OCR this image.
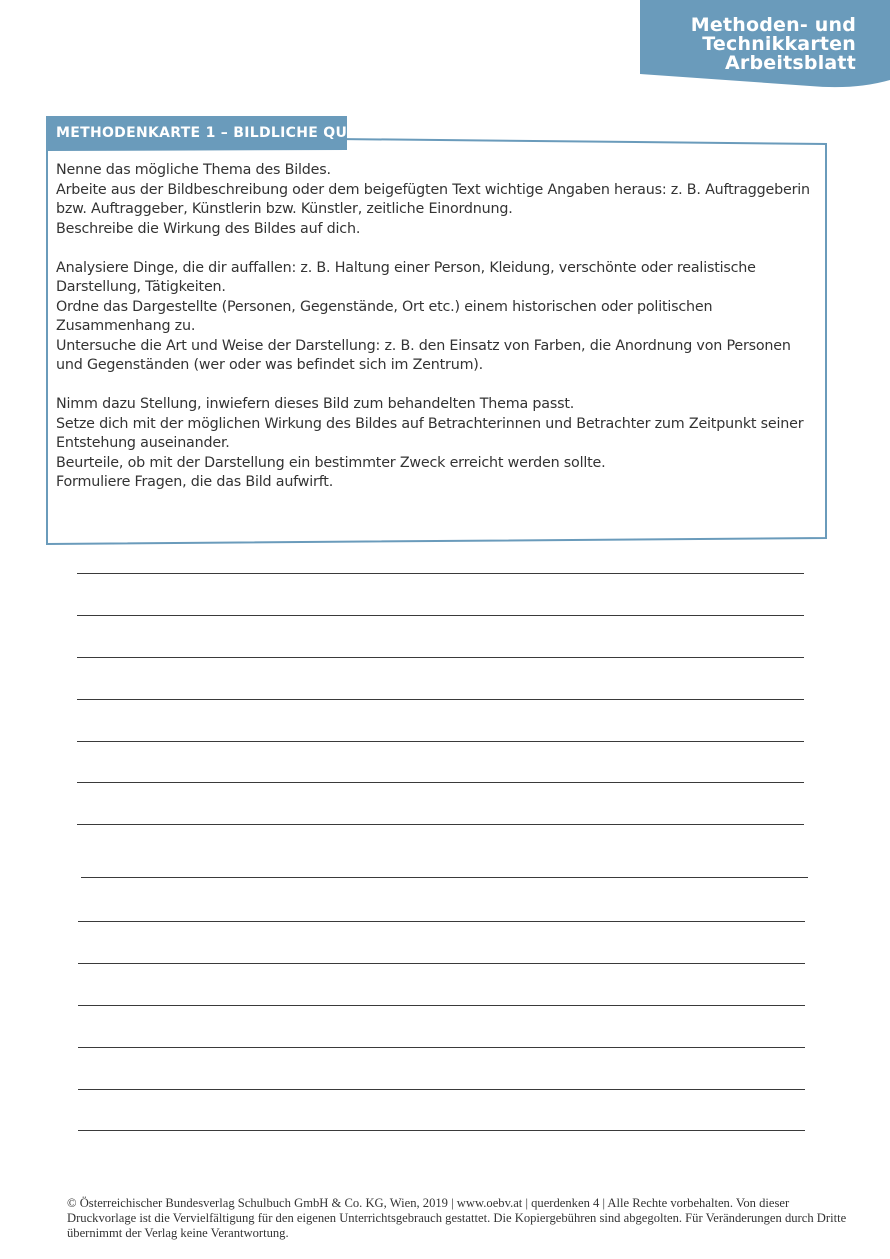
Methoden- und
Technikkarten
Arbeitsblatt
METHODENKARTE 1 – BILDLICHE QUELLE

Nenne das mögliche Thema des Bildes.

Arbeite aus der Bildbeschreibung oder dem beigefügten Text wichtige Angaben heraus: z. B. Auftraggeberin bzw. Auftraggeber, Künstlerin bzw. Künstler, zeitliche Einordnung.

Beschreibe die Wirkung des Bildes auf dich.

Analysiere Dinge, die dir auffallen: z. B. Haltung einer Person, Kleidung, verschönte oder realistische Darstellung, Tätigkeiten.

Ordne das Dargestellte (Personen, Gegenstände, Ort etc.) einem historischen oder politischen Zusammenhang zu.

Untersuche die Art und Weise der Darstellung: z. B. den Einsatz von Farben, die Anordnung von Personen und Gegenständen (wer oder was befindet sich im Zentrum).

Nimm dazu Stellung, inwiefern dieses Bild zum behandelten Thema passt.

Setze dich mit der möglichen Wirkung des Bildes auf Betrachterinnen und Betrachter zum Zeitpunkt seiner Entstehung auseinander.

Beurteile, ob mit der Darstellung ein bestimmter Zweck erreicht werden sollte.

Formuliere Fragen, die das Bild aufwirft.

© Österreichischer Bundesverlag Schulbuch GmbH & Co. KG, Wien, 2019 | www.oebv.at | querdenken 4 | Alle Rechte vorbehalten. Von dieser Druckvorlage ist die Vervielfältigung für den eigenen Unterrichtsgebrauch gestattet. Die Kopiergebühren sind abgegolten. Für Veränderungen durch Dritte übernimmt der Verlag keine Verantwortung.
